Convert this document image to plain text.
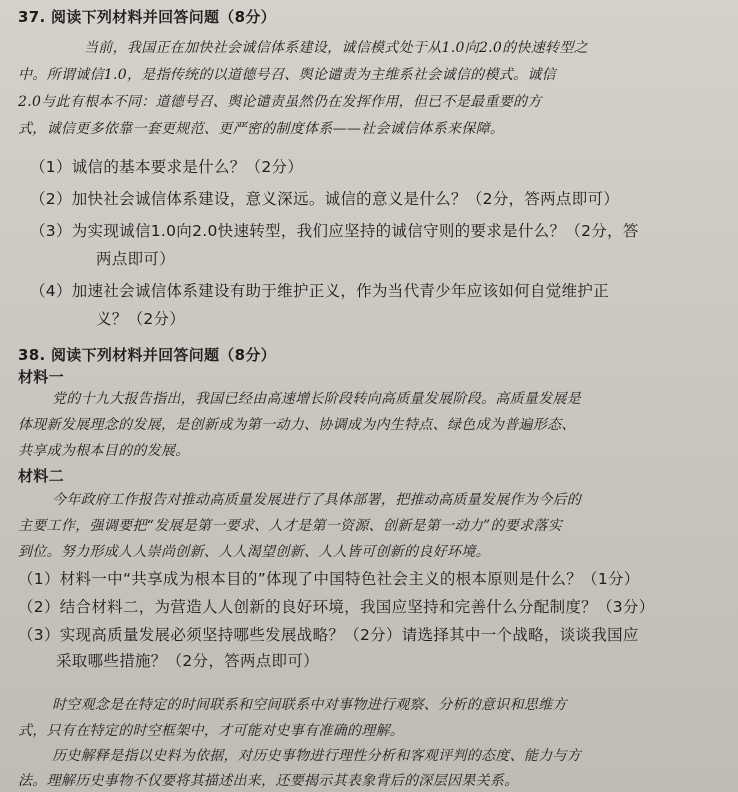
37. 阅读下列材料并回答问题（8分）
当前，我国正在加快社会诚信体系建设，诚信模式处于从1.0向2.0的快速转型之
中。所谓诚信1.0，是指传统的以道德号召、舆论谴责为主维系社会诚信的模式。诚信
2.0与此有根本不同：道德号召、舆论谴责虽然仍在发挥作用，但已不是最重要的方
式，诚信更多依靠一套更规范、更严密的制度体系——社会诚信体系来保障。
（1）诚信的基本要求是什么？（2分）
（2）加快社会诚信体系建设，意义深远。诚信的意义是什么？（2分，答两点即可）
（3）为实现诚信1.0向2.0快速转型，我们应坚持的诚信守则的要求是什么？（2分，答
两点即可）
（4）加速社会诚信体系建设有助于维护正义，作为当代青少年应该如何自觉维护正
义？（2分）
38. 阅读下列材料并回答问题（8分）
材料一
党的十九大报告指出，我国已经由高速增长阶段转向高质量发展阶段。高质量发展是
体现新发展理念的发展，是创新成为第一动力、协调成为内生特点、绿色成为普遍形态、
共享成为根本目的的发展。
材料二
今年政府工作报告对推动高质量发展进行了具体部署，把推动高质量发展作为今后的
主要工作，强调要把“发展是第一要求、人才是第一资源、创新是第一动力”的要求落实
到位。努力形成人人崇尚创新、人人渴望创新、人人皆可创新的良好环境。
（1）材料一中“共享成为根本目的”体现了中国特色社会主义的根本原则是什么？（1分）
（2）结合材料二，为营造人人创新的良好环境，我国应坚持和完善什么分配制度？（3分）
（3）实现高质量发展必须坚持哪些发展战略？（2分）请选择其中一个战略，谈谈我国应
采取哪些措施？（2分，答两点即可）
时空观念是在特定的时间联系和空间联系中对事物进行观察、分析的意识和思维方
式，只有在特定的时空框架中，才可能对史事有准确的理解。
历史解释是指以史料为依据，对历史事物进行理性分析和客观评判的态度、能力与方
法。理解历史事物不仅要将其描述出来，还要揭示其表象背后的深层因果关系。
